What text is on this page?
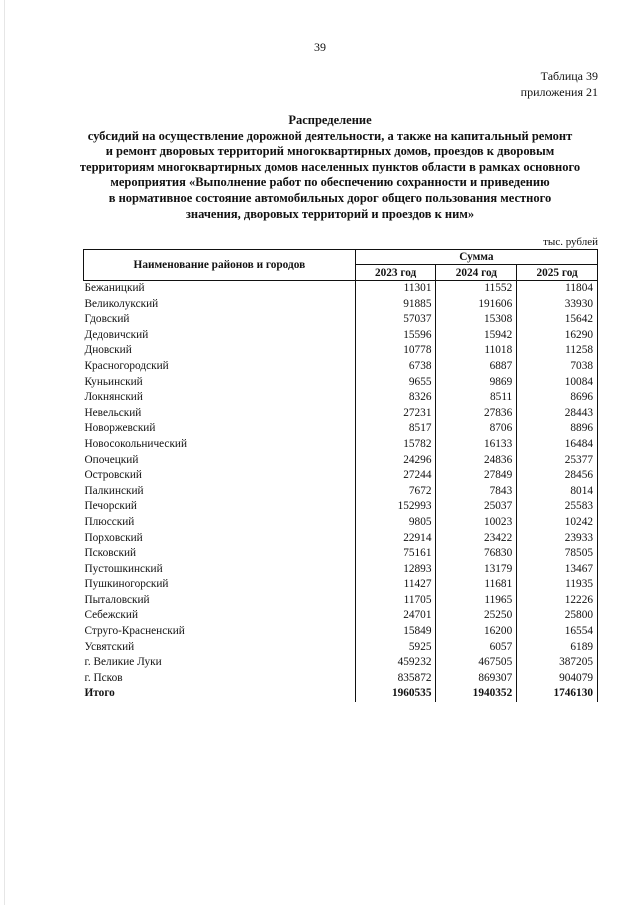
39
Таблица 39
приложения 21
Распределение
субсидий на осуществление дорожной деятельности, а также на капитальный ремонт
и ремонт дворовых территорий многоквартирных домов, проездов к дворовым
территориям многоквартирных домов населенных пунктов области в рамках основного
мероприятия «Выполнение работ по обеспечению сохранности и приведению
в нормативное состояние автомобильных дорог общего пользования местного
значения, дворовых территорий и проездов к ним»
тыс. рублей
Наименование районов и городов	Сумма		
	2023 год	2024 год	2025 год
Бежаницкий	11301	11552	11804
Великолукский	91885	191606	33930
Гдовский	57037	15308	15642
Дедовичский	15596	15942	16290
Дновский	10778	11018	11258
Красногородский	6738	6887	7038
Куньинский	9655	9869	10084
Локнянский	8326	8511	8696
Невельский	27231	27836	28443
Новоржевский	8517	8706	8896
Новосокольнический	15782	16133	16484
Опочецкий	24296	24836	25377
Островский	27244	27849	28456
Палкинский	7672	7843	8014
Печорский	152993	25037	25583
Плюсский	9805	10023	10242
Порховский	22914	23422	23933
Псковский	75161	76830	78505
Пустошкинский	12893	13179	13467
Пушкиногорский	11427	11681	11935
Пыталовский	11705	11965	12226
Себежский	24701	25250	25800
Струго-Красненский	15849	16200	16554
Усвятский	5925	6057	6189
г. Великие Луки	459232	467505	387205
г. Псков	835872	869307	904079
Итого	1960535	1940352	1746130
